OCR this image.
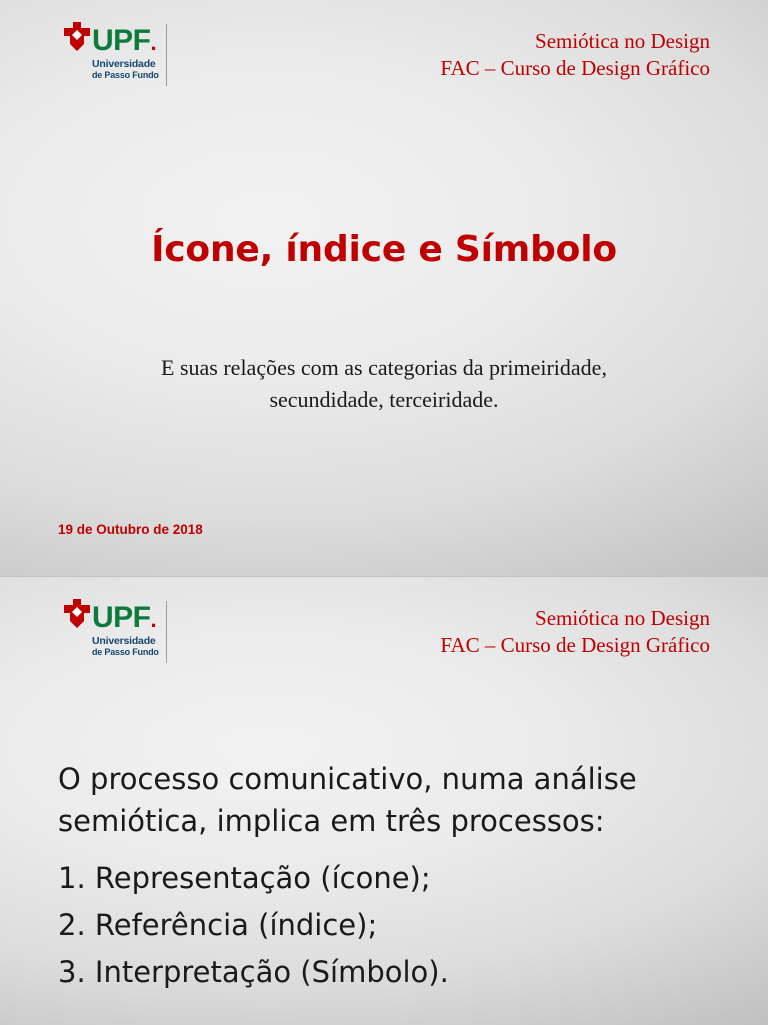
UPF.
Universidade
de Passo Fundo
Semiótica no Design
FAC – Curso de Design Gráfico
Ícone, índice e Símbolo

E suas relações com as categorias da primeiridade, secundidade, terceiridade.

19 de Outubro de 2018
UPF.
Universidade
de Passo Fundo
Semiótica no Design
FAC – Curso de Design Gráfico

O processo comunicativo, numa análise semiótica, implica em três processos:

1. Representação (ícone);
2. Referência (índice);
3. Interpretação (Símbolo).
